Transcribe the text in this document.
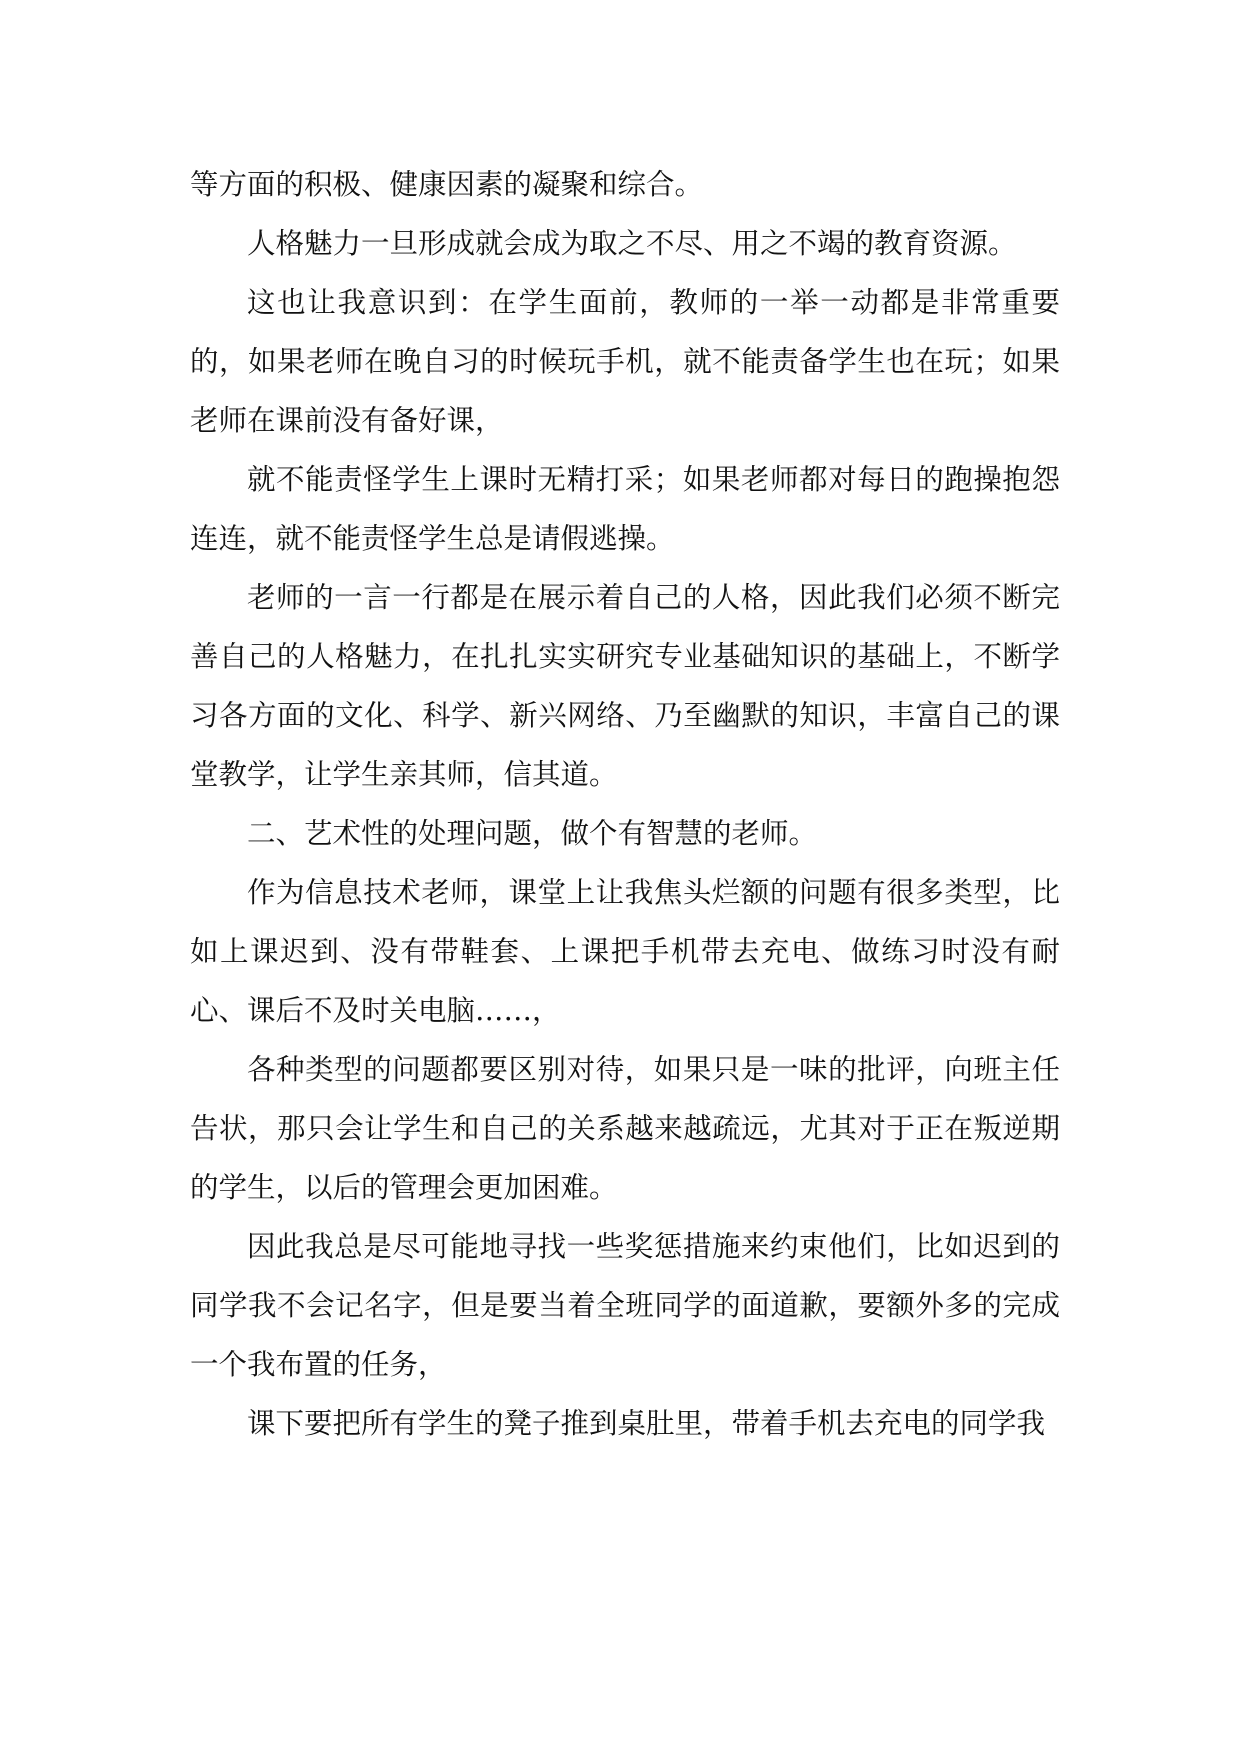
等方面的积极、健康因素的凝聚和综合。

人格魅力一旦形成就会成为取之不尽、用之不竭的教育资源。

这也让我意识到：在学生面前，教师的一举一动都是非常重要的，如果老师在晚自习的时候玩手机，就不能责备学生也在玩；如果老师在课前没有备好课，

就不能责怪学生上课时无精打采；如果老师都对每日的跑操抱怨连连，就不能责怪学生总是请假逃操。

老师的一言一行都是在展示着自己的人格，因此我们必须不断完善自己的人格魅力，在扎扎实实研究专业基础知识的基础上，不断学习各方面的文化、科学、新兴网络、乃至幽默的知识，丰富自己的课堂教学，让学生亲其师，信其道。

二、艺术性的处理问题，做个有智慧的老师。

作为信息技术老师，课堂上让我焦头烂额的问题有很多类型，比如上课迟到、没有带鞋套、上课把手机带去充电、做练习时没有耐心、课后不及时关电脑……，

各种类型的问题都要区别对待，如果只是一味的批评，向班主任告状，那只会让学生和自己的关系越来越疏远，尤其对于正在叛逆期的学生，以后的管理会更加困难。

因此我总是尽可能地寻找一些奖惩措施来约束他们，比如迟到的同学我不会记名字，但是要当着全班同学的面道歉，要额外多的完成一个我布置的任务，

课下要把所有学生的凳子推到桌肚里，带着手机去充电的同学我
